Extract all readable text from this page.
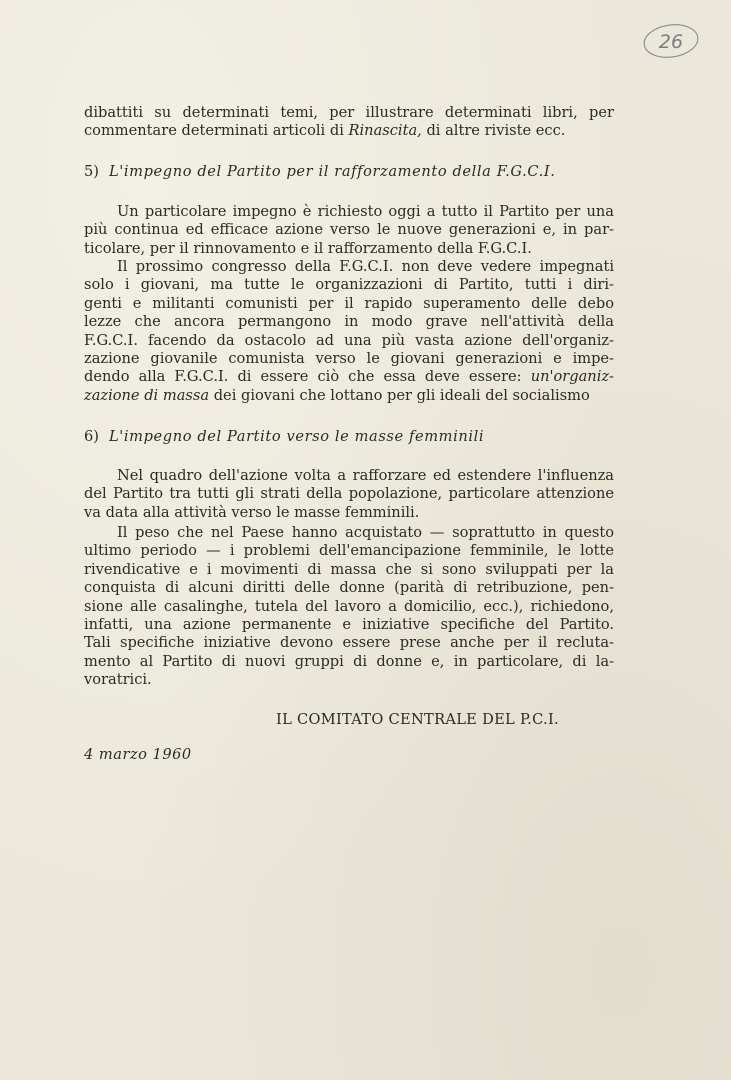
26
dibattiti su determinati temi, per illustrare determinati libri, per
commentare determinati articoli di Rinascita, di altre riviste ecc.
5) L'impegno del Partito per il rafforzamento della F.G.C.I.
Un particolare impegno è richiesto oggi a tutto il Partito per una
più continua ed efficace azione verso le nuove generazioni e, in par-
ticolare, per il rinnovamento e il rafforzamento della F.G.C.I.
Il prossimo congresso della F.G.C.I. non deve vedere impegnati
solo i giovani, ma tutte le organizzazioni di Partito, tutti i diri-
genti e militanti comunisti per il rapido superamento delle debo
lezze che ancora permangono in modo grave nell'attività della
F.G.C.I. facendo da ostacolo ad una più vasta azione dell'organiz-
zazione giovanile comunista verso le giovani generazioni e impe-
dendo alla F.G.C.I. di essere ciò che essa deve essere: un'organiz-
zazione di massa dei giovani che lottano per gli ideali del socialismo
6) L'impegno del Partito verso le masse femminili
Nel quadro dell'azione volta a rafforzare ed estendere l'influenza
del Partito tra tutti gli strati della popolazione, particolare attenzione
va data alla attività verso le masse femminili.
Il peso che nel Paese hanno acquistato — soprattutto in questo
ultimo periodo — i problemi dell'emancipazione femminile, le lotte
rivendicative e i movimenti di massa che si sono sviluppati per la
conquista di alcuni diritti delle donne (parità di retribuzione, pen-
sione alle casalinghe, tutela del lavoro a domicilio, ecc.), richiedono,
infatti, una azione permanente e iniziative specifiche del Partito.
Tali specifiche iniziative devono essere prese anche per il recluta-
mento al Partito di nuovi gruppi di donne e, in particolare, di la-
voratrici.
IL COMITATO CENTRALE DEL P.C.I.
4 marzo 1960
